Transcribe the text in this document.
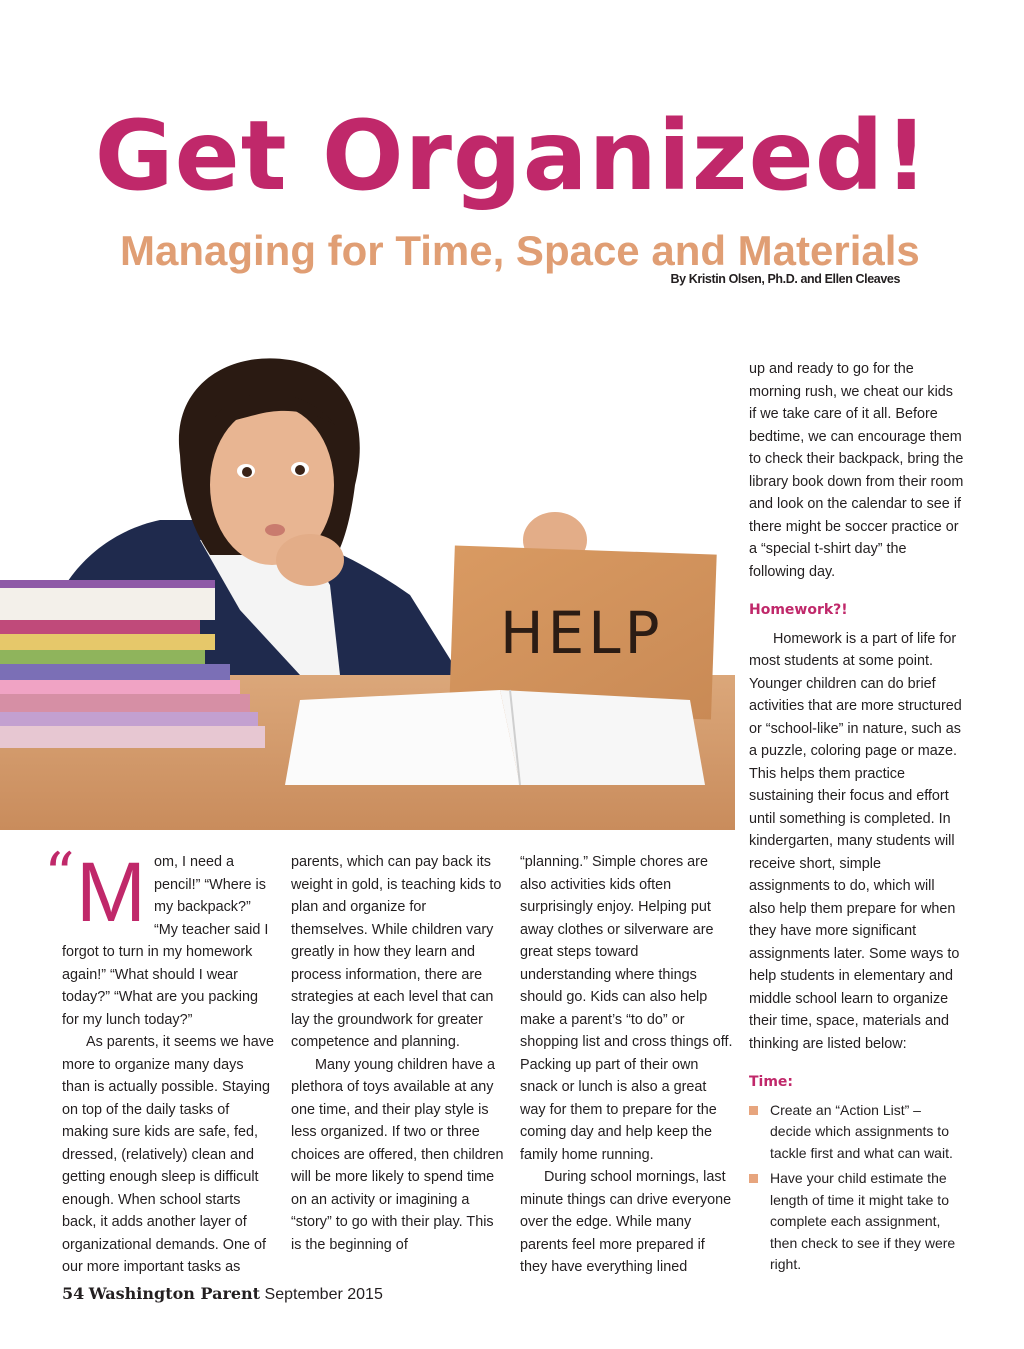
Get Organized!
Managing for Time, Space and Materials
By Kristin Olsen, Ph.D. and Ellen Cleaves
HELP
“ M om, I need a pencil!” “Where is my backpack?” “My teacher said I forgot to turn in my homework again!” “What should I wear today?” “What are you packing for my lunch today?”

As parents, it seems we have more to organize many days than is actually possible. Staying on top of the daily tasks of making sure kids are safe, fed, dressed, (relatively) clean and getting enough sleep is difficult enough. When school starts back, it adds another layer of organizational demands. One of our more important tasks as

parents, which can pay back its weight in gold, is teaching kids to plan and organize for themselves. While children vary greatly in how they learn and process information, there are strategies at each level that can lay the groundwork for greater competence and planning.

Many young children have a plethora of toys available at any one time, and their play style is less organized. If two or three choices are offered, then children will be more likely to spend time on an activity or imagining a “story” to go with their play. This is the beginning of

“planning.” Simple chores are also activities kids often surprisingly enjoy. Helping put away clothes or silverware are great steps toward understanding where things should go. Kids can also help make a parent’s “to do” or shopping list and cross things off. Packing up part of their own snack or lunch is also a great way for them to prepare for the coming day and help keep the family home running.

During school mornings, last minute things can drive everyone over the edge. While many parents feel more prepared if they have everything lined

up and ready to go for the morning rush, we cheat our kids if we take care of it all. Before bedtime, we can encourage them to check their backpack, bring the library book down from their room and look on the calendar to see if there might be soccer practice or a “special t-shirt day” the following day.

Homework?!

Homework is a part of life for most students at some point. Younger children can do brief activities that are more structured or “school-like” in nature, such as a puzzle, coloring page or maze. This helps them practice sustaining their focus and effort until something is completed. In kindergarten, many students will receive short, simple assignments to do, which will also help them prepare for when they have more significant assignments later. Some ways to help students in elementary and middle school learn to organize their time, space, materials and thinking are listed below:

Time:
Create an “Action List” – decide which assignments to tackle first and what can wait.
Have your child estimate the length of time it might take to complete each assignment, then check to see if they were right.
54 Washington Parent September 2015
